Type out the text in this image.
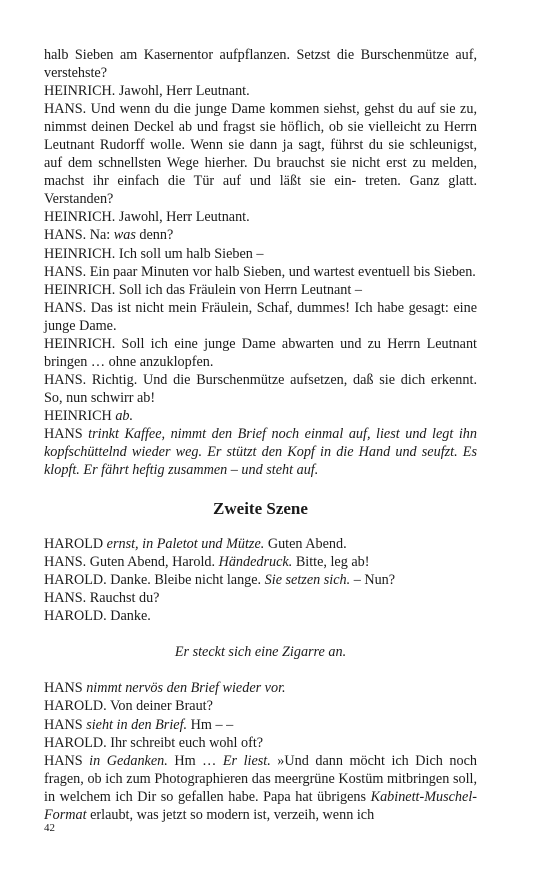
halb Sieben am Kasernentor aufpflanzen. Setzst die Burschenmütze auf, verstehste?

HEINRICH. Jawohl, Herr Leutnant.

HANS. Und wenn du die junge Dame kommen siehst, gehst du auf sie zu, nimmst deinen Deckel ab und fragst sie höflich, ob sie vielleicht zu Herrn Leutnant Rudorff wolle. Wenn sie dann ja sagt, führst du sie schleunigst, auf dem schnellsten Wege hierher. Du brauchst sie nicht erst zu melden, machst ihr einfach die Tür auf und läßt sie ein- treten. Ganz glatt. Verstanden?

HEINRICH. Jawohl, Herr Leutnant.

HANS. Na: was denn?

HEINRICH. Ich soll um halb Sieben –

HANS. Ein paar Minuten vor halb Sieben, und wartest eventuell bis Sieben.

HEINRICH. Soll ich das Fräulein von Herrn Leutnant –

HANS. Das ist nicht mein Fräulein, Schaf, dummes! Ich habe gesagt: eine junge Dame.

HEINRICH. Soll ich eine junge Dame abwarten und zu Herrn Leutnant bringen … ohne anzuklopfen.

HANS. Richtig. Und die Burschenmütze aufsetzen, daß sie dich erkennt. So, nun schwirr ab!

HEINRICH ab.

HANS trinkt Kaffee, nimmt den Brief noch einmal auf, liest und legt ihn kopfschüttelnd wieder weg. Er stützt den Kopf in die Hand und seufzt. Es klopft. Er fährt heftig zusammen – und steht auf.

Zweite Szene

HAROLD ernst, in Paletot und Mütze. Guten Abend.

HANS. Guten Abend, Harold. Händedruck. Bitte, leg ab!

HAROLD. Danke. Bleibe nicht lange. Sie setzen sich. – Nun?

HANS. Rauchst du?

HAROLD. Danke.

Er steckt sich eine Zigarre an.

HANS nimmt nervös den Brief wieder vor.

HAROLD. Von deiner Braut?

HANS sieht in den Brief. Hm – –

HAROLD. Ihr schreibt euch wohl oft?

HANS in Gedanken. Hm … Er liest. »Und dann möcht ich Dich noch fragen, ob ich zum Photographieren das meergrüne Kostüm mitbringen soll, in welchem ich Dir so gefallen habe. Papa hat übrigens Kabinett-Muschel-Format erlaubt, was jetzt so modern ist, verzeih, wenn ich

42
